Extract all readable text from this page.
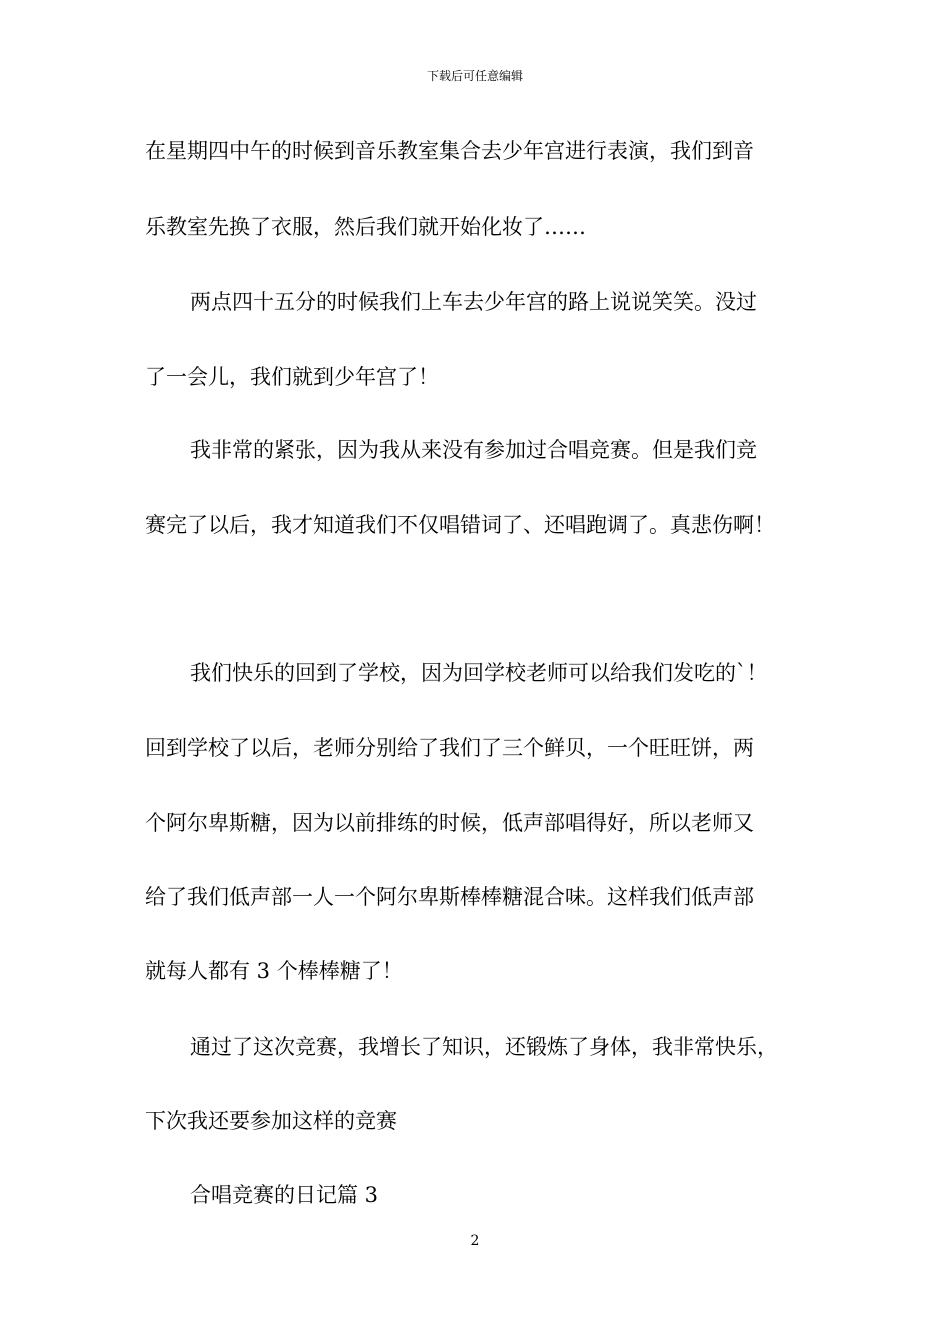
下载后可任意编辑
在星期四中午的时候到音乐教室集合去少年宫进行表演，我们到音
乐教室先换了衣服，然后我们就开始化妆了……
两点四十五分的时候我们上车去少年宫的路上说说笑笑。没过
了一会儿，我们就到少年宫了！
我非常的紧张，因为我从来没有参加过合唱竞赛。但是我们竞
赛完了以后，我才知道我们不仅唱错词了、还唱跑调了。真悲伤啊！
我们快乐的回到了学校，因为回学校老师可以给我们发吃的`！
回到学校了以后，老师分别给了我们了三个鲜贝，一个旺旺饼，两
个阿尔卑斯糖，因为以前排练的时候，低声部唱得好，所以老师又
给了我们低声部一人一个阿尔卑斯棒棒糖混合味。这样我们低声部
就每人都有 3 个棒棒糖了！
通过了这次竞赛，我增长了知识，还锻炼了身体，我非常快乐，
下次我还要参加这样的竞赛
合唱竞赛的日记篇 3
2
